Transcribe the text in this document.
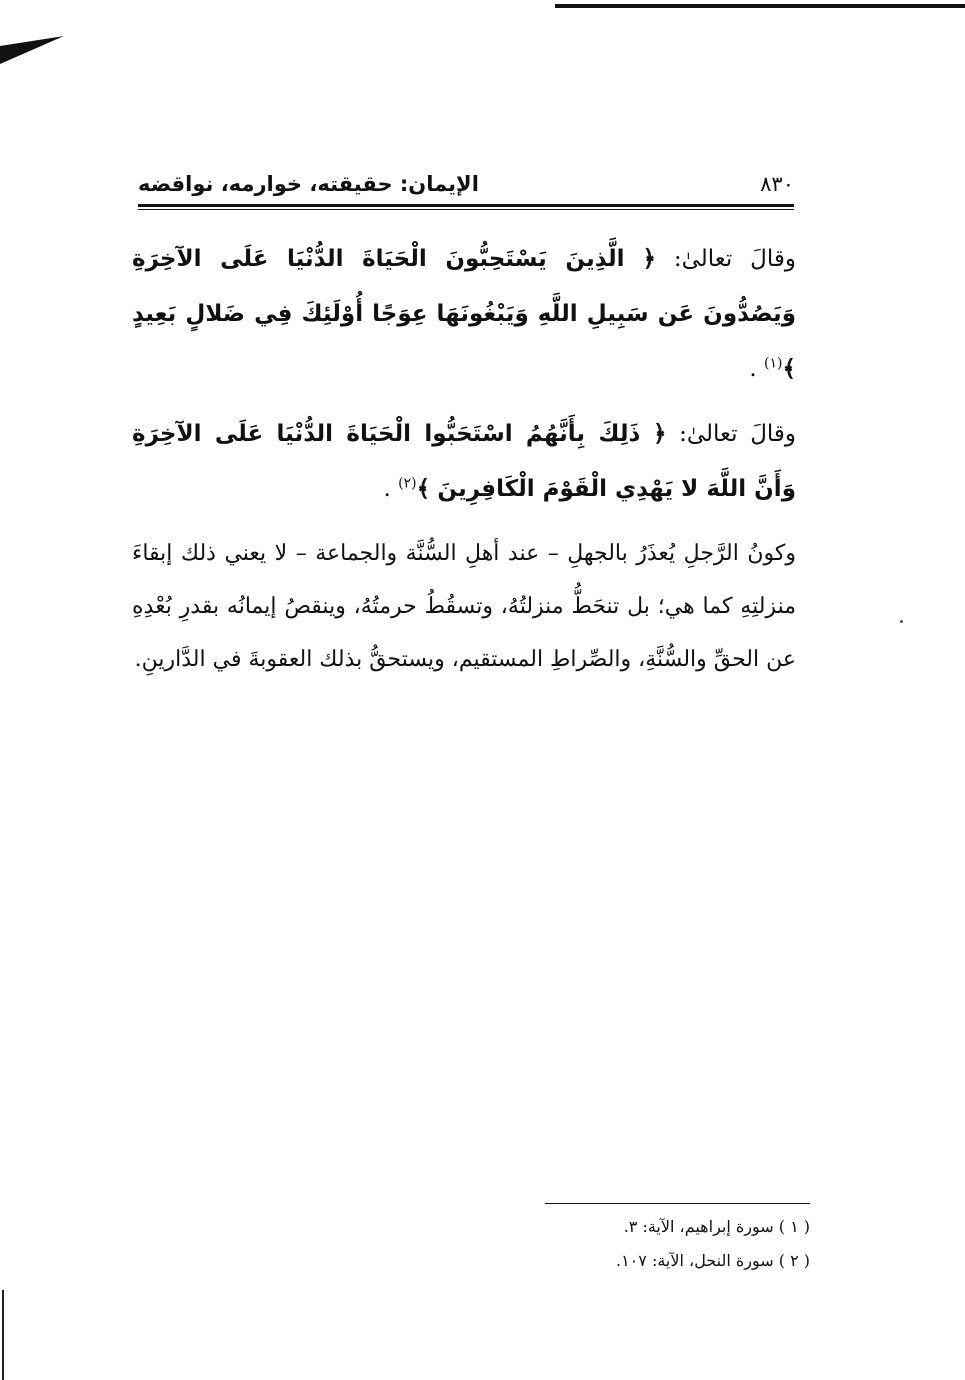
٨٣٠
الإيمان: حقيقته، خوارمه، نواقضه

وقالَ تعالىٰ: ﴿ الَّذِينَ يَسْتَحِبُّونَ الْحَيَاةَ الدُّنْيَا عَلَى الآخِرَةِ وَيَصُدُّونَ عَن سَبِيلِ اللَّهِ وَيَبْغُونَهَا عِوَجًا أُوْلَئِكَ فِي ضَلالٍ بَعِيدٍ ﴾$^{(١)}$ .

وقالَ تعالىٰ: ﴿ ذَلِكَ بِأَنَّهُمُ اسْتَحَبُّوا الْحَيَاةَ الدُّنْيَا عَلَى الآخِرَةِ وَأَنَّ اللَّهَ لا يَهْدِي الْقَوْمَ الْكَافِرِينَ ﴾$^{(٢)}$ .

وكونُ الرَّجلِ يُعذَرُ بالجهلِ – عند أهلِ السُّنَّة والجماعة – لا يعني ذلك إبقاءَ منزلتِهِ كما هي؛ بل تنحَطُّ منزلتُهُ، وتسقُطُ حرمتُهُ، وينقصُ إيمانُه بقدرِ بُعْدِهِ عن الحقِّ والسُّنَّةِ، والصِّراطِ المستقيم، ويستحقُّ بذلك العقوبةَ في الدَّارينِ.

( ١ ) سورة إبراهيم، الآية: ٣.
( ٢ ) سورة النحل، الآية: ١٠٧.
